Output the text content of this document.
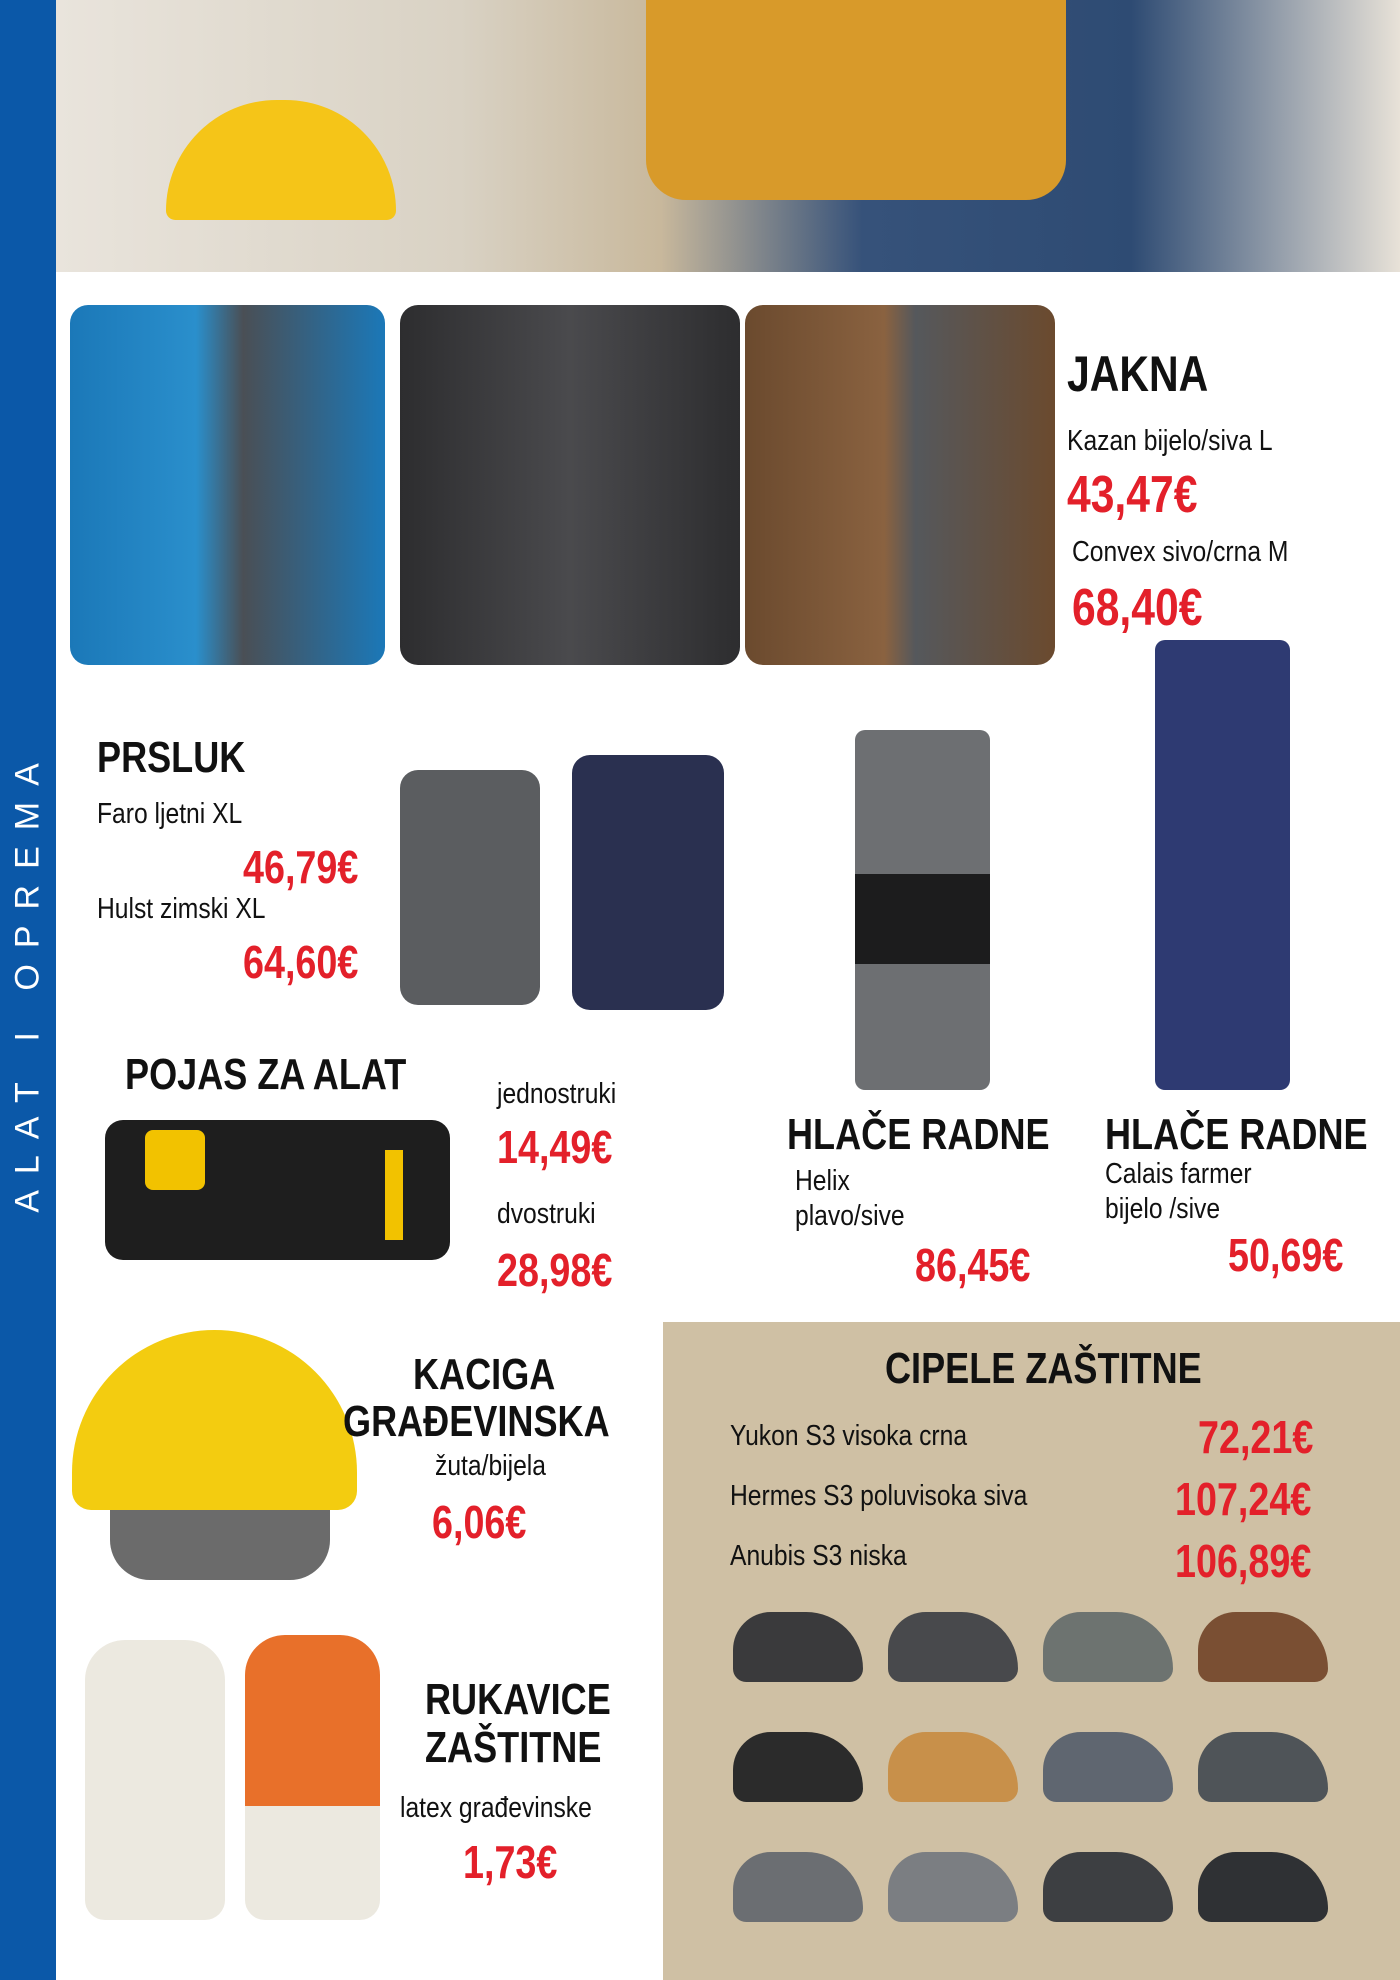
ALAT I OPREMA
JAKNA
Kazan bijelo/siva L
43,47€
Convex sivo/crna M
68,40€
PRSLUK
Faro ljetni XL
46,79€
Hulst zimski XL
64,60€
HLAČE RADNE
Helix
plavo/sive
86,45€
HLAČE RADNE
Calais farmer
bijelo /sive
50,69€
POJAS ZA ALAT	jednostruki
14,49€
dvostruki
28,98€
KACIGA
GRAĐEVINSKA
žuta/bijela
6,06€
RUKAVICE
ZAŠTITNE
latex građevinske
1,73€
CIPELE ZAŠTITNE
Yukon S3 visoka crna	72,21€
Hermes S3 poluvisoka siva	107,24€
Anubis S3 niska	106,89€
